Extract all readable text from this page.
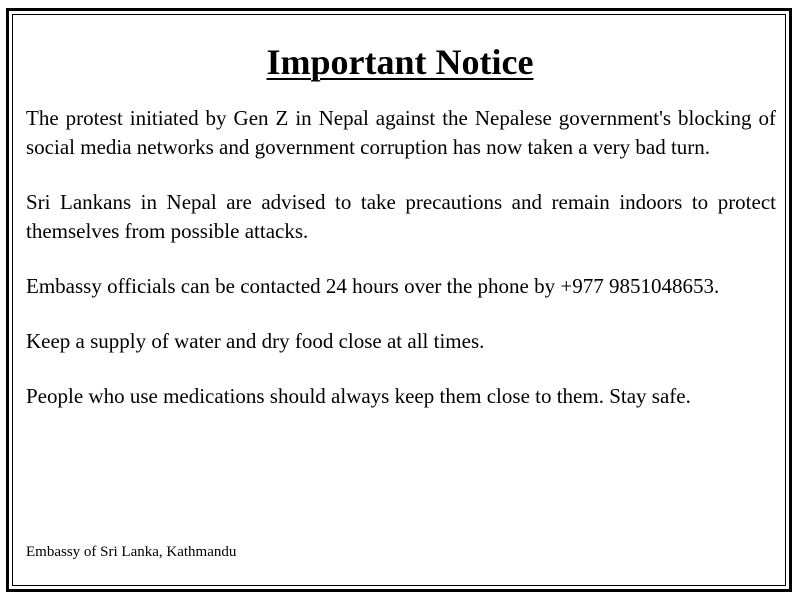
Important Notice

The protest initiated by Gen Z in Nepal against the Nepalese government's blocking of social media networks and government corruption has now taken a very bad turn.

Sri Lankans in Nepal are advised to take precautions and remain indoors to protect themselves from possible attacks.

Embassy officials can be contacted 24 hours over the phone by +977 9851048653.

Keep a supply of water and dry food close at all times.

People who use medications should always keep them close to them. Stay safe.

Embassy of Sri Lanka, Kathmandu
